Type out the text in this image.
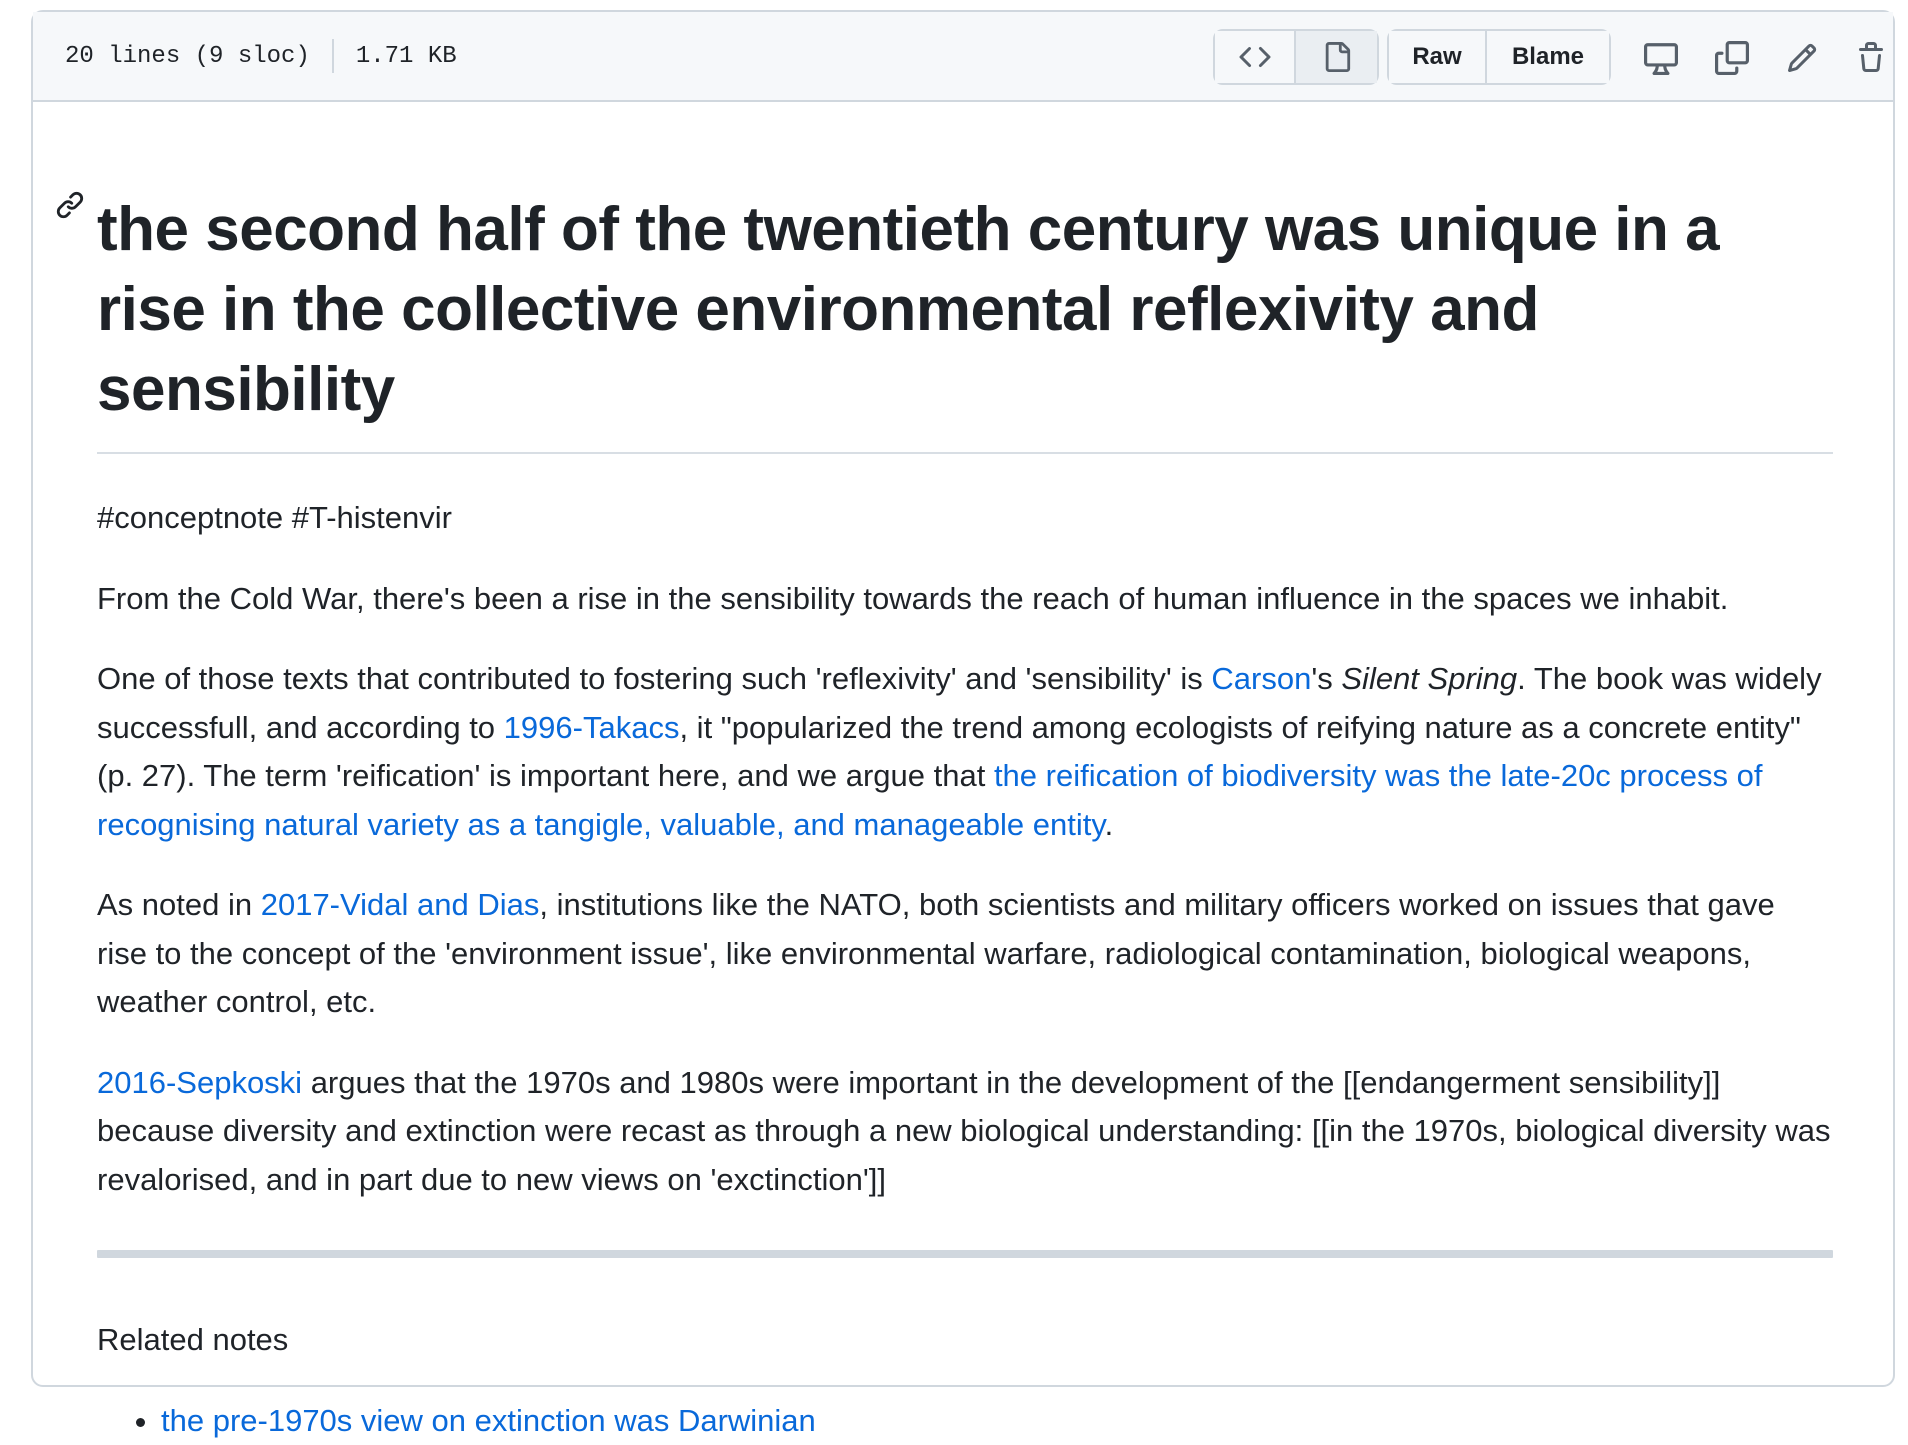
20 lines (9 sloc) 1.71 KB	Raw	Blame
the second half of the twentieth century was unique in a rise in the collective environmental reflexivity and sensibility

#conceptnote #T-histenvir

From the Cold War, there's been a rise in the sensibility towards the reach of human influence in the spaces we inhabit.

One of those texts that contributed to fostering such 'reflexivity' and 'sensibility' is Carson's Silent Spring. The book was widely successfull, and according to 1996-Takacs, it "popularized the trend among ecologists of reifying nature as a concrete entity" (p. 27). The term 'reification' is important here, and we argue that the reification of biodiversity was the late-20c process of recognising natural variety as a tangigle, valuable, and manageable entity.

As noted in 2017-Vidal and Dias, institutions like the NATO, both scientists and military officers worked on issues that gave rise to the concept of the 'environment issue', like environmental warfare, radiological contamination, biological weapons, weather control, etc.

2016-Sepkoski argues that the 1970s and 1980s were important in the development of the [[endangerment sensibility]] because diversity and extinction were recast as through a new biological understanding: [[in the 1970s, biological diversity was revalorised, and in part due to new views on 'exctinction']]

Related notes

• the pre-1970s view on extinction was Darwinian
